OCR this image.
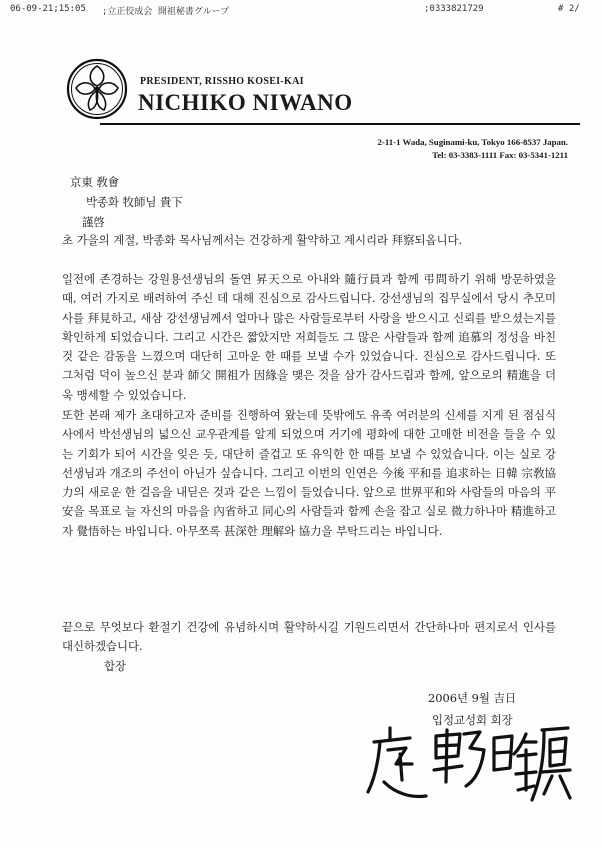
06-09-21;15:05 ;立正佼成会 開祖秘書グループ	;0333821729	# 2/
PRESIDENT, RISSHO KOSEI-KAI
NICHIKO NIWANO
2-11-1 Wada, Suginami-ku, Tokyo 166-8537 Japan.
Tel: 03-3383-1111 Fax: 03-5341-1211
京東 敎會
박종화 牧師님 貴下
謹啓
초 가을의 계절, 박종화 목사님께서는 건강하게 활약하고 계시리라 拜察되옵니다.
일전에 존경하는 강원용선생님의 돌연 昇天으로 아내와 隨行員과 함께 弔問하기 위해 방문하였을 때, 여러 가지로 배려하여 주신 데 대해 진심으로 감사드립니다. 강선생님의 집무실에서 당시 추모미사를 拜見하고, 새삼 강선생님께서 얼마나 많은 사람들로부터 사랑을 받으시고 신뢰를 받으셨는지를 확인하게 되었습니다. 그리고 시간은 짧았지만 저희들도 그 많은 사람들과 함께 追慕의 정성을 바친 것 같은 감동을 느꼈으며 대단히 고마운 한 때를 보낼 수가 있었습니다. 진심으로 감사드립니다. 또 그처럼 덕이 높으신 분과 師父 開祖가 因緣을 맺은 것을 삼가 감사드림과 함께, 앞으로의 精進을 더욱 맹세할 수 있었습니다.
또한 본래 제가 초대하고자 준비를 진행하여 왔는데 뜻밖에도 유족 여러분의 신세를 지게 된 점심식사에서 박선생님의 넓으신 교우관계를 알게 되었으며 거기에 평화에 대한 고매한 비전을 들을 수 있는 기회가 되어 시간을 잊은 듯, 대단히 즐겁고 또 유익한 한 때를 보낼 수 있었습니다. 이는 실로 강선생님과 개조의 주선이 아닌가 싶습니다. 그리고 이번의 인연은 今後 平和를 追求하는 日韓 宗敎協力의 새로운 한 걸음을 내딛은 것과 같은 느낌이 들었습니다. 앞으로 世界平和와 사람들의 마음의 平安을 목표로 늘 자신의 마음을 內省하고 同心의 사람들과 함께 손을 잡고 실로 微力하나마 精進하고자 覺悟하는 바입니다. 아무쪼록 甚深한 理解와 協力을 부탁드리는 바입니다.
끝으로 무엇보다 환절기 건강에 유념하시며 활약하시길 기원드리면서 간단하나마 편지로서 인사를 대신하겠습니다.
합장
2006년 9월 吉日
입정교성회 회장
